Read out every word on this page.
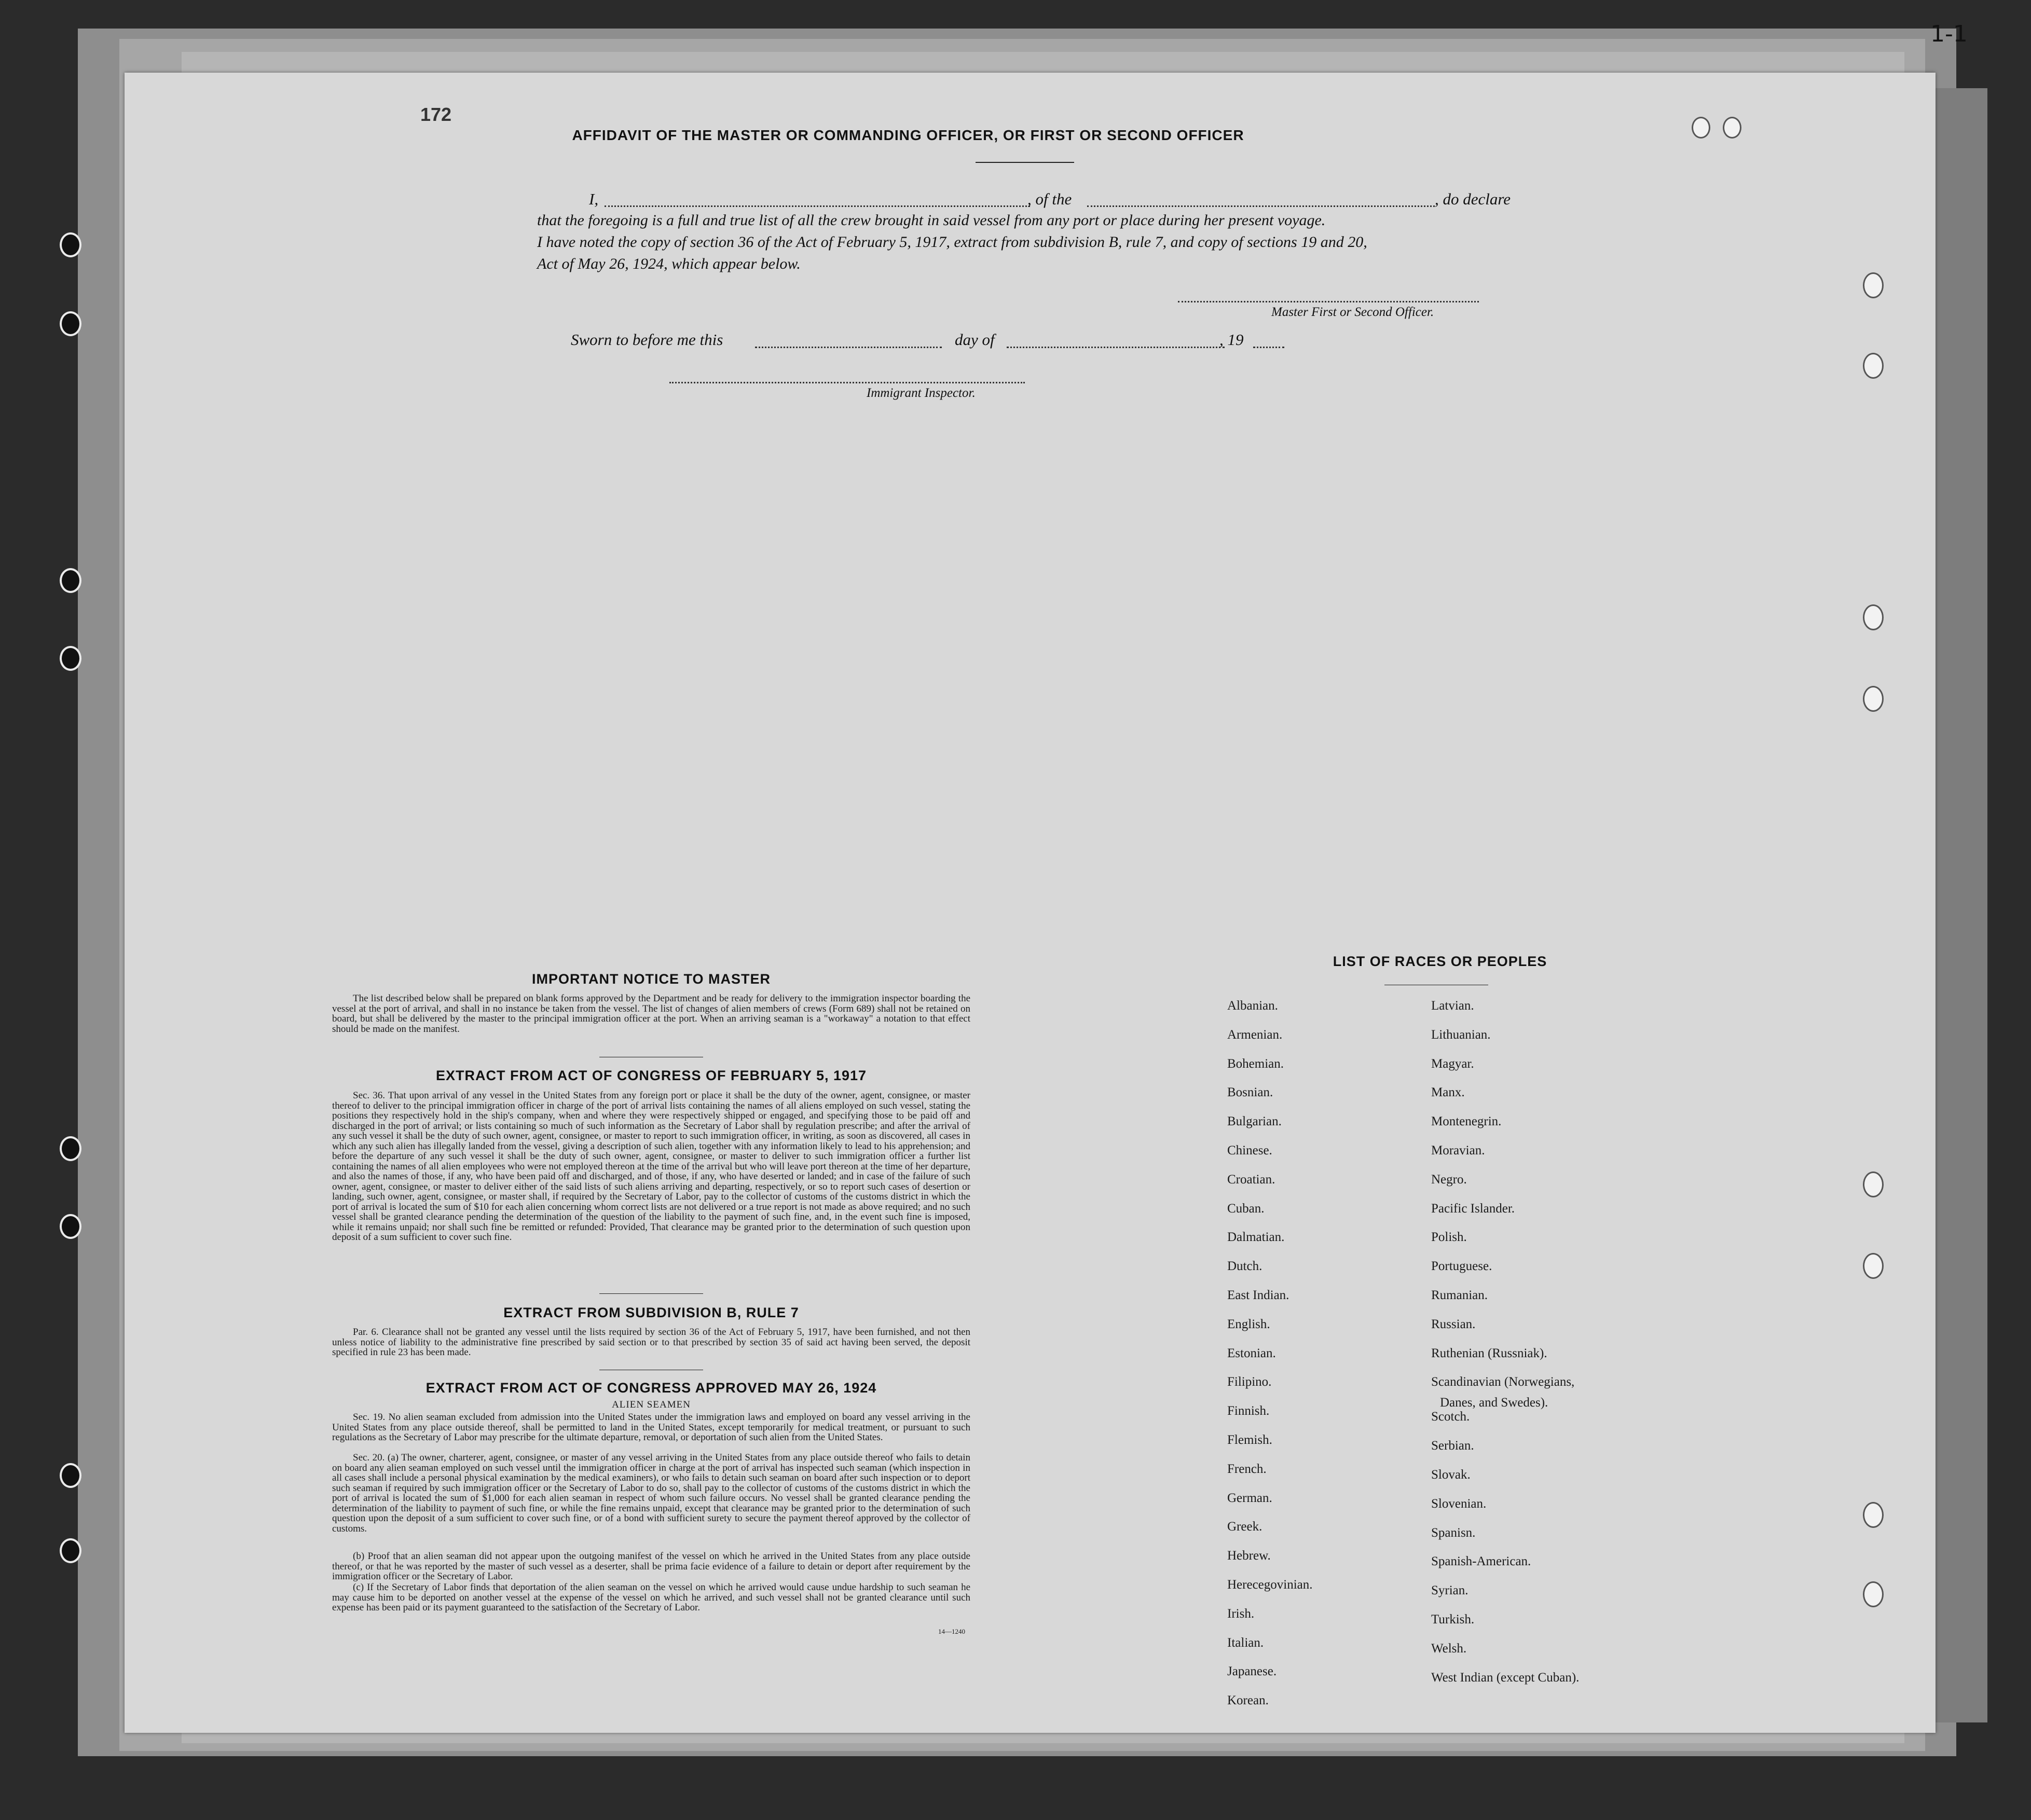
1-1
172
AFFIDAVIT OF THE MASTER OR COMMANDING OFFICER, OR FIRST OR SECOND OFFICER
I,	, of the	, do declare
that the foregoing is a full and true list of all the crew brought in said vessel from any port or place during her present voyage.
I have noted the copy of section 36 of the Act of February 5, 1917, extract from subdivision B, rule 7, and copy of sections 19 and 20,
Act of May 26, 1924, which appear below.
Master First or Second Officer.
Sworn to before me this	day of	, 19
Immigrant Inspector.
IMPORTANT NOTICE TO MASTER
The list described below shall be prepared on blank forms approved by the Department and be ready for delivery to the immigration inspector boarding the vessel at the port of arrival, and shall in no instance be taken from the vessel. The list of changes of alien members of crews (Form 689) shall not be retained on board, but shall be delivered by the master to the principal immigration officer at the port. When an arriving seaman is a "workaway" a notation to that effect should be made on the manifest.
EXTRACT FROM ACT OF CONGRESS OF FEBRUARY 5, 1917
Sec. 36. That upon arrival of any vessel in the United States from any foreign port or place it shall be the duty of the owner, agent, consignee, or master thereof to deliver to the principal immigration officer in charge of the port of arrival lists containing the names of all aliens employed on such vessel, stating the positions they respectively hold in the ship's company, when and where they were respectively shipped or engaged, and specifying those to be paid off and discharged in the port of arrival; or lists containing so much of such information as the Secretary of Labor shall by regulation prescribe; and after the arrival of any such vessel it shall be the duty of such owner, agent, consignee, or master to report to such immigration officer, in writing, as soon as discovered, all cases in which any such alien has illegally landed from the vessel, giving a description of such alien, together with any information likely to lead to his apprehension; and before the departure of any such vessel it shall be the duty of such owner, agent, consignee, or master to deliver to such immigration officer a further list containing the names of all alien employees who were not employed thereon at the time of the arrival but who will leave port thereon at the time of her departure, and also the names of those, if any, who have been paid off and discharged, and of those, if any, who have deserted or landed; and in case of the failure of such owner, agent, consignee, or master to deliver either of the said lists of such aliens arriving and departing, respectively, or so to report such cases of desertion or landing, such owner, agent, consignee, or master shall, if required by the Secretary of Labor, pay to the collector of customs of the customs district in which the port of arrival is located the sum of $10 for each alien concerning whom correct lists are not delivered or a true report is not made as above required; and no such vessel shall be granted clearance pending the determination of the question of the liability to the payment of such fine, and, in the event such fine is imposed, while it remains unpaid; nor shall such fine be remitted or refunded: Provided, That clearance may be granted prior to the determination of such question upon deposit of a sum sufficient to cover such fine.
EXTRACT FROM SUBDIVISION B, RULE 7
Par. 6. Clearance shall not be granted any vessel until the lists required by section 36 of the Act of February 5, 1917, have been furnished, and not then unless notice of liability to the administrative fine prescribed by said section or to that prescribed by section 35 of said act having been served, the deposit specified in rule 23 has been made.
EXTRACT FROM ACT OF CONGRESS APPROVED MAY 26, 1924
ALIEN SEAMEN
Sec. 19. No alien seaman excluded from admission into the United States under the immigration laws and employed on board any vessel arriving in the United States from any place outside thereof, shall be permitted to land in the United States, except temporarily for medical treatment, or pursuant to such regulations as the Secretary of Labor may prescribe for the ultimate departure, removal, or deportation of such alien from the United States.
Sec. 20. (a) The owner, charterer, agent, consignee, or master of any vessel arriving in the United States from any place outside thereof who fails to detain on board any alien seaman employed on such vessel until the immigration officer in charge at the port of arrival has inspected such seaman (which inspection in all cases shall include a personal physical examination by the medical examiners), or who fails to detain such seaman on board after such inspection or to deport such seaman if required by such immigration officer or the Secretary of Labor to do so, shall pay to the collector of customs of the customs district in which the port of arrival is located the sum of $1,000 for each alien seaman in respect of whom such failure occurs. No vessel shall be granted clearance pending the determination of the liability to payment of such fine, or while the fine remains unpaid, except that clearance may be granted prior to the determination of such question upon the deposit of a sum sufficient to cover such fine, or of a bond with sufficient surety to secure the payment thereof approved by the collector of customs.
(b) Proof that an alien seaman did not appear upon the outgoing manifest of the vessel on which he arrived in the United States from any place outside thereof, or that he was reported by the master of such vessel as a deserter, shall be prima facie evidence of a failure to detain or deport after requirement by the immigration officer or the Secretary of Labor.
(c) If the Secretary of Labor finds that deportation of the alien seaman on the vessel on which he arrived would cause undue hardship to such seaman he may cause him to be deported on another vessel at the expense of the vessel on which he arrived, and such vessel shall not be granted clearance until such expense has been paid or its payment guaranteed to the satisfaction of the Secretary of Labor.
14—1240
LIST OF RACES OR PEOPLES
Albanian.
Armenian.
Bohemian.
Bosnian.
Bulgarian.
Chinese.
Croatian.
Cuban.
Dalmatian.
Dutch.
East Indian.
English.
Estonian.
Filipino.
Finnish.
Flemish.
French.
German.
Greek.
Hebrew.
Herecegovinian.
Irish.
Italian.
Japanese.
Korean.
Latvian.
Lithuanian.
Magyar.
Manx.
Montenegrin.
Moravian.
Negro.
Pacific Islander.
Polish.
Portuguese.
Rumanian.
Russian.
Ruthenian (Russniak).
Scandinavian (Norwegians,
Danes, and Swedes).
Scotch.
Serbian.
Slovak.
Slovenian.
Spanisn.
Spanish-American.
Syrian.
Turkish.
Welsh.
West Indian (except Cuban).
